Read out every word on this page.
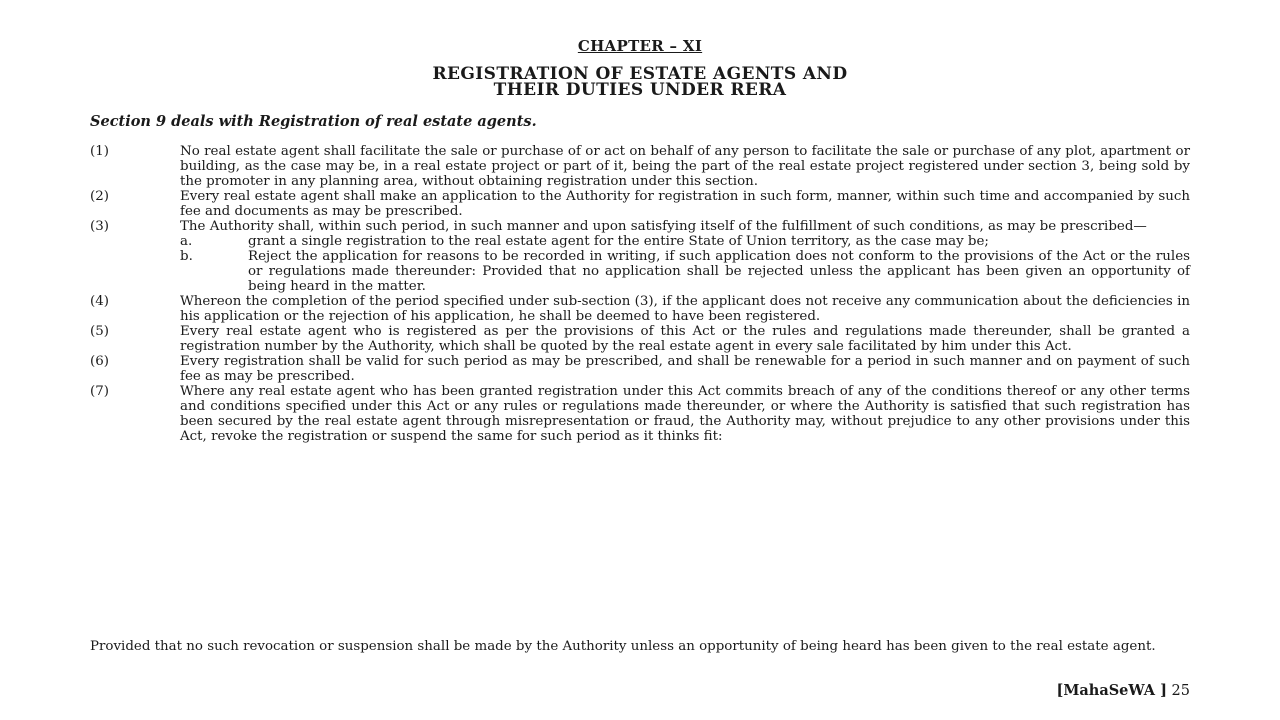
CHAPTER – XI
REGISTRATION OF ESTATE AGENTS AND
THEIR DUTIES UNDER RERA
Section 9 deals with Registration of real estate agents.
(1)	No real estate agent shall facilitate the sale or purchase of or act on behalf of any person to facilitate the sale or purchase of any plot, apartment or building, as the case may be, in a real estate project or part of it, being the part of the real estate project registered under section 3, being sold by the promoter in any planning area, without obtaining registration under this section.
(2)	Every real estate agent shall make an application to the Authority for registration in such form, manner, within such time and accompanied by such fee and documents as may be prescribed.
(3)	The Authority shall, within such period, in such manner and upon satisfying itself of the fulfillment of such conditions, as may be prescribed—
a.	grant a single registration to the real estate agent for the entire State of Union territory, as the case may be;
b.	Reject the application for reasons to be recorded in writing, if such application does not conform to the provisions of the Act or the rules or regulations made thereunder: Provided that no application shall be rejected unless the applicant has been given an opportunity of being heard in the matter.
(4)	Whereon the completion of the period specified under sub-section (3), if the applicant does not receive any communication about the deficiencies in his application or the rejection of his application, he shall be deemed to have been registered.
(5)	Every real estate agent who is registered as per the provisions of this Act or the rules and regulations made thereunder, shall be granted a registration number by the Authority, which shall be quoted by the real estate agent in every sale facilitated by him under this Act.
(6)	Every registration shall be valid for such period as may be prescribed, and shall be renewable for a period in such manner and on payment of such fee as may be prescribed.
(7)	Where any real estate agent who has been granted registration under this Act commits breach of any of the conditions thereof or any other terms and conditions specified under this Act or any rules or regulations made thereunder, or where the Authority is satisfied that such registration has been secured by the real estate agent through misrepresentation or fraud, the Authority may, without prejudice to any other provisions under this Act, revoke the registration or suspend the same for such period as it thinks fit:
Provided that no such revocation or suspension shall be made by the Authority unless an opportunity of being heard has been given to the real estate agent.
[MahaSeWA ] 25
